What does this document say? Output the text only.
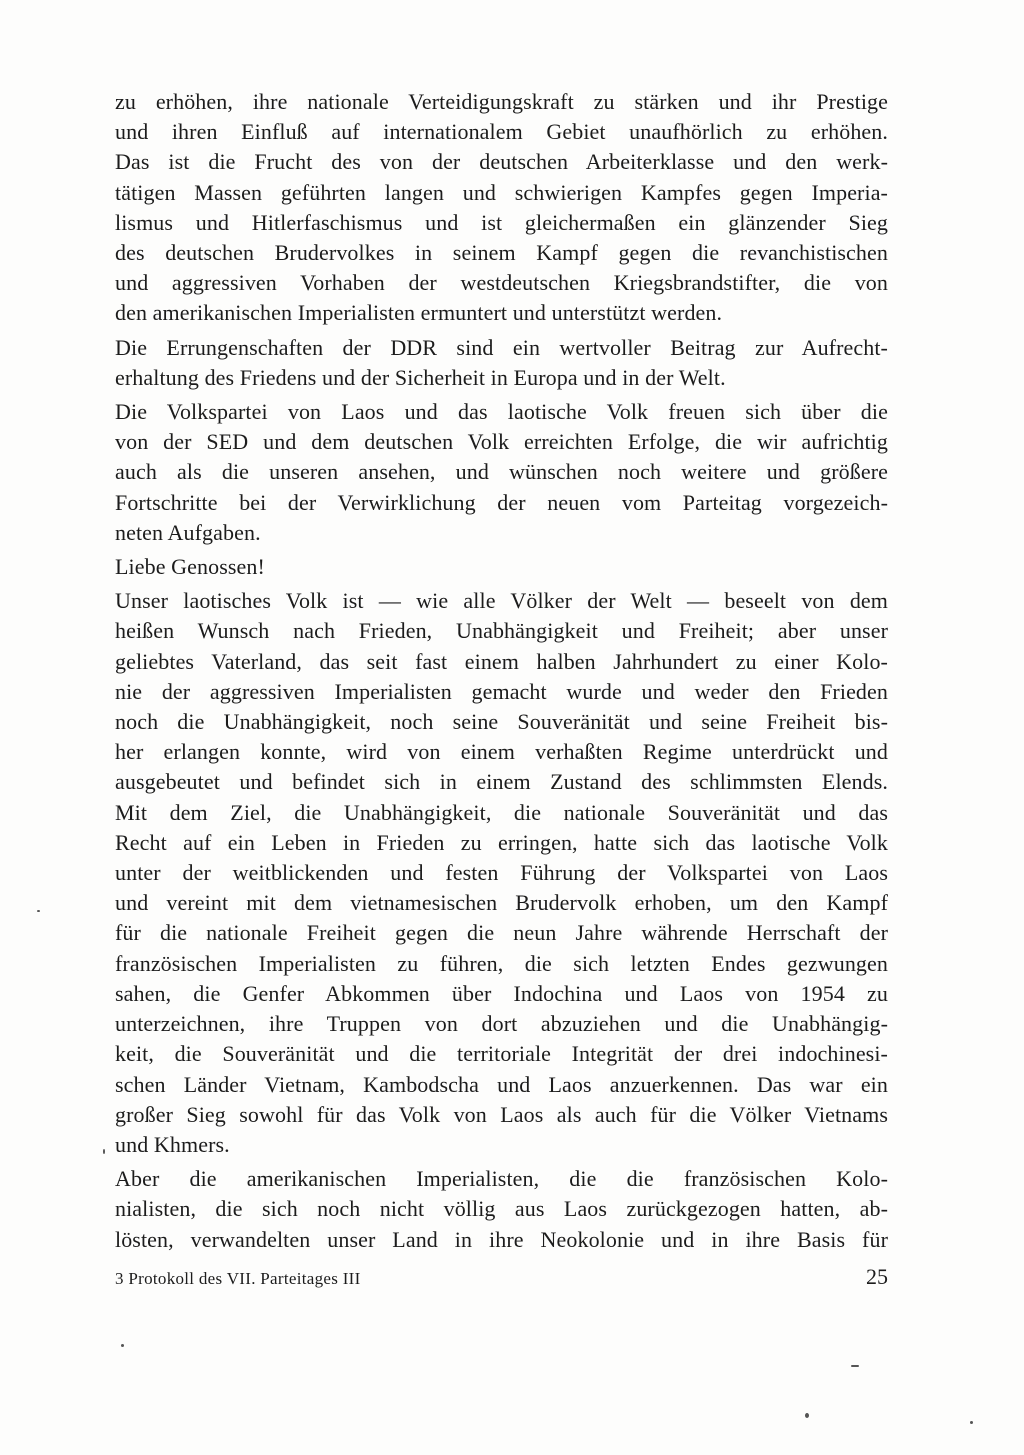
zu erhöhen, ihre nationale Verteidigungskraft zu stärken und ihr Prestige
und ihren Einfluß auf internationalem Gebiet unaufhörlich zu erhöhen.
Das ist die Frucht des von der deutschen Arbeiterklasse und den werk-
tätigen Massen geführten langen und schwierigen Kampfes gegen Imperia-
lismus und Hitlerfaschismus und ist gleichermaßen ein glänzender Sieg
des deutschen Brudervolkes in seinem Kampf gegen die revanchistischen
und aggressiven Vorhaben der westdeutschen Kriegsbrandstifter, die von
den amerikanischen Imperialisten ermuntert und unterstützt werden.
Die Errungenschaften der DDR sind ein wertvoller Beitrag zur Aufrecht-
erhaltung des Friedens und der Sicherheit in Europa und in der Welt.
Die Volkspartei von Laos und das laotische Volk freuen sich über die
von der SED und dem deutschen Volk erreichten Erfolge, die wir aufrichtig
auch als die unseren ansehen, und wünschen noch weitere und größere
Fortschritte bei der Verwirklichung der neuen vom Parteitag vorgezeich-
neten Aufgaben.
Liebe Genossen!
Unser laotisches Volk ist — wie alle Völker der Welt — beseelt von dem
heißen Wunsch nach Frieden, Unabhängigkeit und Freiheit; aber unser
geliebtes Vaterland, das seit fast einem halben Jahrhundert zu einer Kolo-
nie der aggressiven Imperialisten gemacht wurde und weder den Frieden
noch die Unabhängigkeit, noch seine Souveränität und seine Freiheit bis-
her erlangen konnte, wird von einem verhaßten Regime unterdrückt und
ausgebeutet und befindet sich in einem Zustand des schlimmsten Elends.
Mit dem Ziel, die Unabhängigkeit, die nationale Souveränität und das
Recht auf ein Leben in Frieden zu erringen, hatte sich das laotische Volk
unter der weitblickenden und festen Führung der Volkspartei von Laos
und vereint mit dem vietnamesischen Brudervolk erhoben, um den Kampf
für die nationale Freiheit gegen die neun Jahre währende Herrschaft der
französischen Imperialisten zu führen, die sich letzten Endes gezwungen
sahen, die Genfer Abkommen über Indochina und Laos von 1954 zu
unterzeichnen, ihre Truppen von dort abzuziehen und die Unabhängig-
keit, die Souveränität und die territoriale Integrität der drei indochinesi-
schen Länder Vietnam, Kambodscha und Laos anzuerkennen. Das war ein
großer Sieg sowohl für das Volk von Laos als auch für die Völker Vietnams
und Khmers.
Aber die amerikanischen Imperialisten, die die französischen Kolo-
nialisten, die sich noch nicht völlig aus Laos zurückgezogen hatten, ab-
lösten, verwandelten unser Land in ihre Neokolonie und in ihre Basis für
3 Protokoll des VII. Parteitages III	25
